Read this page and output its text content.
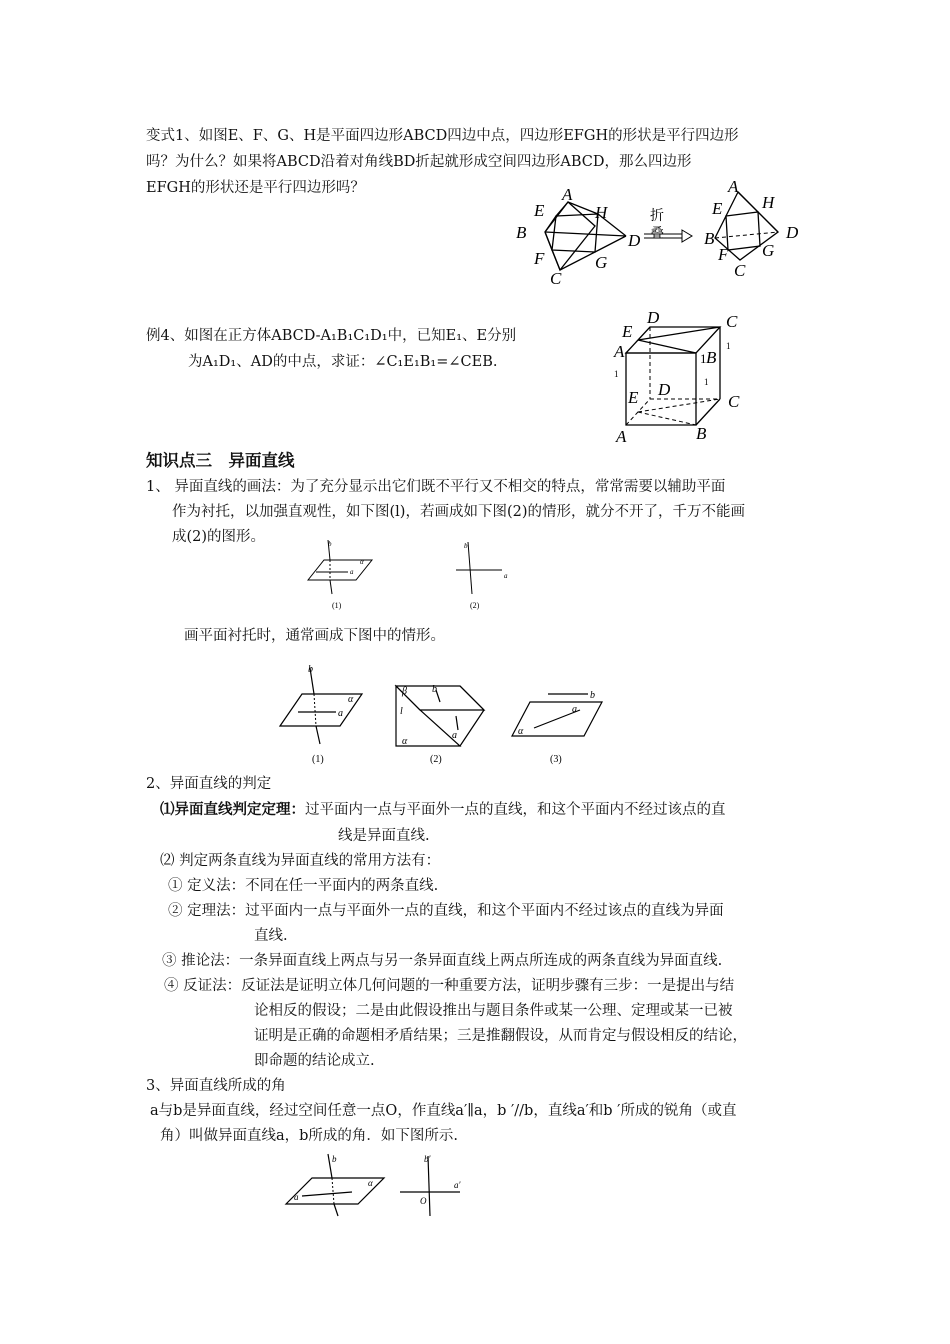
变式1、如图E、F、G、H是平面四边形ABCD四边中点，四边形EFGH的形状是平行四边形
吗？为什么？如果将ABCD沿着对角线BD折起就形成空间四边形ABCD，那么四边形
EFGH的形状还是平行四边形吗？	A
E	H
B	D
F	G
C
折
叠
A
E H
B	D
F G
C
例4、如图在正方体ABCD-A₁B₁C₁D₁中，已知E₁、E分别
为A₁D₁、AD的中点，求证：∠C₁E₁B₁=∠CEB.
D	C
E
A
1
1
1 B
1
D
E	C
A	B
知识点三　异面直线
1、 异面直线的画法：为了充分显示出它们既不平行又不相交的特点，常常需要以辅助平面
作为衬托，以加强直观性，如下图(l)，若画成如下图(2)的情形，就分不开了，千万不能画
成(2)的图形。	b
α
a
(1)
b
a
(2)
画平面衬托时，通常画成下图中的情形。
b
α
a
(1)
β	b
l
a
α
(2)
b
α
a
(3)
2、异面直线的判定
⑴异面直线判定定理：过平面内一点与平面外一点的直线，和这个平面内不经过该点的直
线是异面直线.
⑵ 判定两条直线为异面直线的常用方法有：
① 定义法：不同在任一平面内的两条直线.
② 定理法：过平面内一点与平面外一点的直线，和这个平面内不经过该点的直线为异面
直线.
③ 推论法：一条异面直线上两点与另一条异面直线上两点所连成的两条直线为异面直线.
④ 反证法：反证法是证明立体几何问题的一种重要方法，证明步骤有三步：一是提出与结
论相反的假设；二是由此假设推出与题目条件或某一公理、定理或某一已被
证明是正确的命题相矛盾结果；三是推翻假设，从而肯定与假设相反的结论，
即命题的结论成立.
3、异面直线所成的角
a与b是异面直线，经过空间任意一点O，作直线a′∥a，b ′//b，直线a′和b ′所成的锐角（或直
角）叫做异面直线a，b所成的角．如下图所示.
b
α
a
b′
a′
O
